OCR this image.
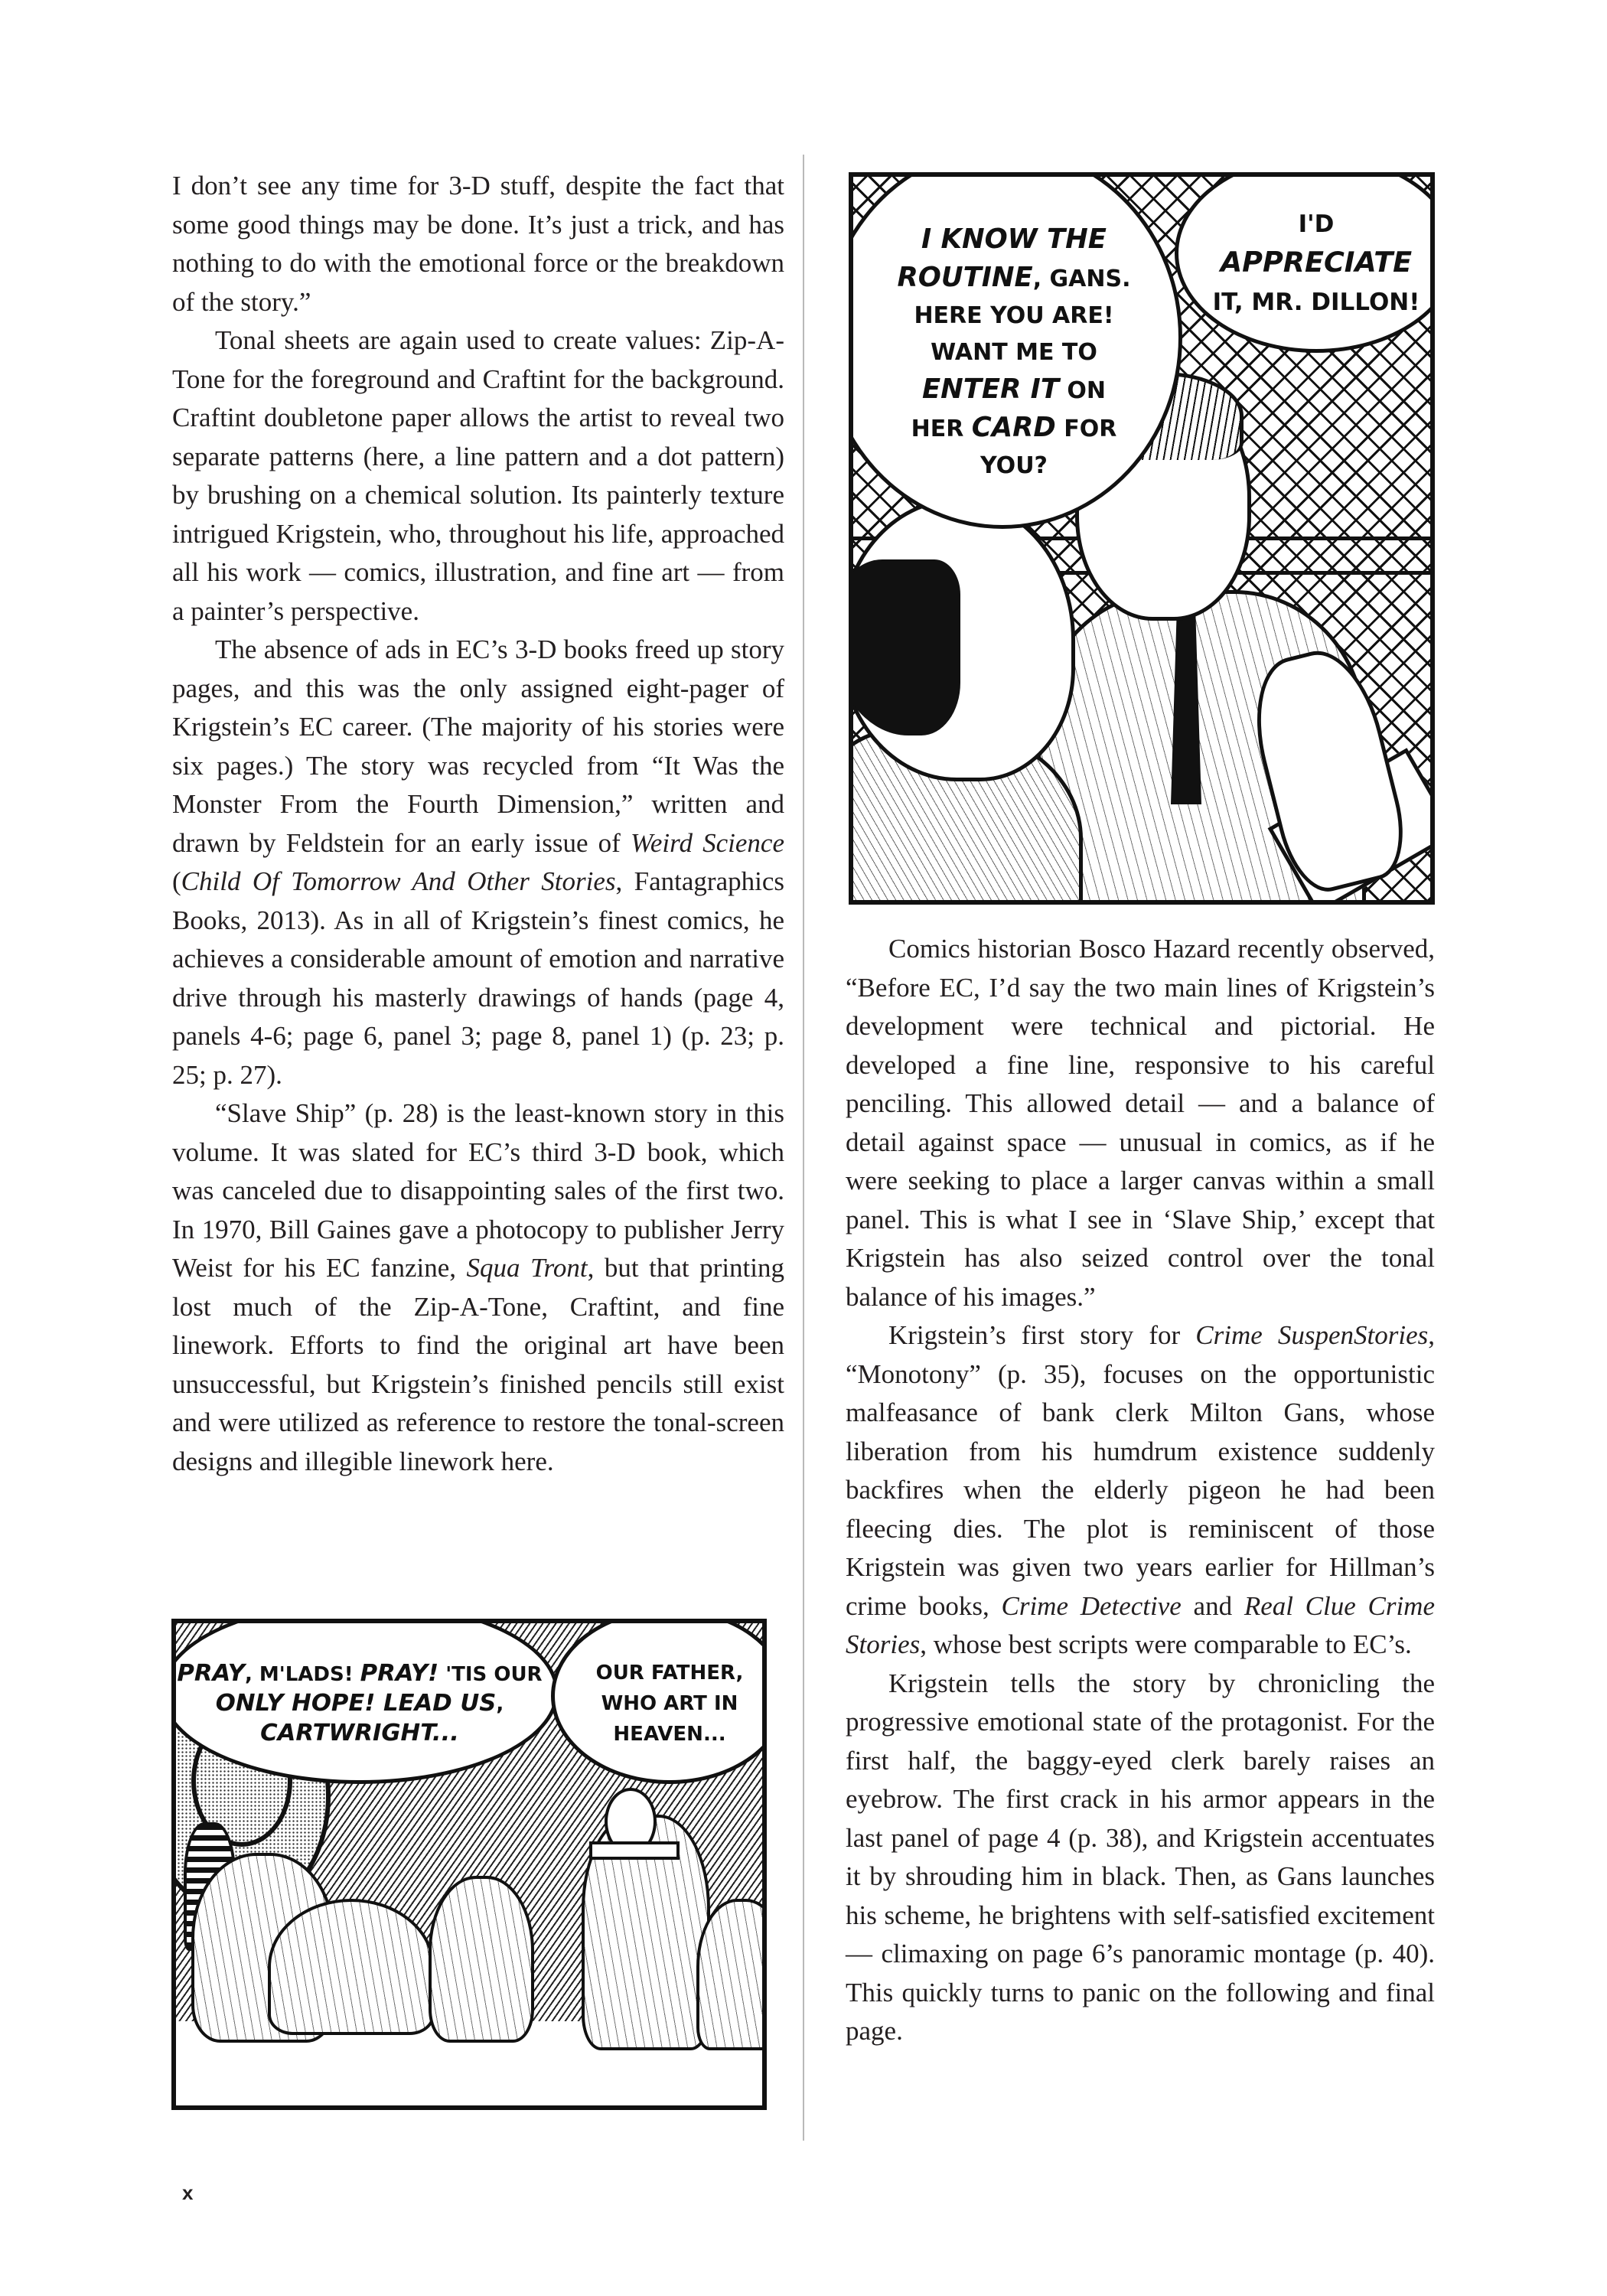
I don’t see any time for 3-D stuff, despite the fact that some good things may be done. It’s just a trick, and has nothing to do with the emotional force or the breakdown of the story.”

Tonal sheets are again used to create values: Zip-A-Tone for the foreground and Craftint for the background. Craftint doubletone paper allows the artist to reveal two separate patterns (here, a line pattern and a dot pattern) by brushing on a chemical solution. Its painterly texture intrigued Krigstein, who, throughout his life, approached all his work — comics, illustration, and fine art — from a painter’s perspective.

The absence of ads in EC’s 3-D books freed up story pages, and this was the only assigned eight-pager of Krigstein’s EC career. (The majority of his stories were six pages.) The story was recycled from “It Was the Monster From the Fourth Dimension,” written and drawn by Feldstein for an early issue of Weird Science (Child Of Tomorrow And Other Stories, Fantagraphics Books, 2013). As in all of Krigstein’s finest comics, he achieves a considerable amount of emotion and narrative drive through his masterly drawings of hands (page 4, panels 4-6; page 6, panel 3; page 8, panel 1) (p. 23; p. 25; p. 27).

“Slave Ship” (p. 28) is the least-known story in this volume. It was slated for EC’s third 3-D book, which was canceled due to disappointing sales of the first two. In 1970, Bill Gaines gave a photocopy to publisher Jerry Weist for his EC fanzine, Squa Tront, but that printing lost much of the Zip-A-Tone, Craftint, and fine linework. Efforts to find the original art have been unsuccessful, but Krigstein’s finished pencils still exist and were utilized as reference to restore the tonal-screen designs and illegible linework here.

I KNOW THE
ROUTINE, GANS.
HERE YOU ARE!
WANT ME TO
ENTER IT ON
HER CARD FOR
YOU?
I'D
APPRECIATE
IT, MR. DILLON!

Comics historian Bosco Hazard recently observed, “Before EC, I’d say the two main lines of Krigstein’s development were technical and pictorial. He developed a fine line, responsive to his careful penciling. This allowed detail — and a balance of detail against space — unusual in comics, as if he were seeking to place a larger canvas within a small panel. This is what I see in ‘Slave Ship,’ except that Krigstein has also seized control over the tonal balance of his images.”

Krigstein’s first story for Crime SuspenStories, “Monotony” (p. 35), focuses on the opportunistic malfeasance of bank clerk Milton Gans, whose liberation from his humdrum existence suddenly backfires when the elderly pigeon he had been fleecing dies. The plot is reminiscent of those Krigstein was given two years earlier for Hillman’s crime books, Crime Detective and Real Clue Crime Stories, whose best scripts were comparable to EC’s.

Krigstein tells the story by chronicling the progressive emotional state of the protagonist. For the first half, the baggy-eyed clerk barely raises an eyebrow. The first crack in his armor appears in the last panel of page 4 (p. 38), and Krigstein accentuates it by shrouding him in black. Then, as Gans launches his scheme, he brightens with self-satisfied excitement — climaxing on page 6’s panoramic montage (p. 40). This quickly turns to panic on the following and final page.

PRAY, M'LADS! PRAY! 'TIS OUR
ONLY HOPE! LEAD US,
CARTWRIGHT...
OUR FATHER,
WHO ART IN
HEAVEN...
x
